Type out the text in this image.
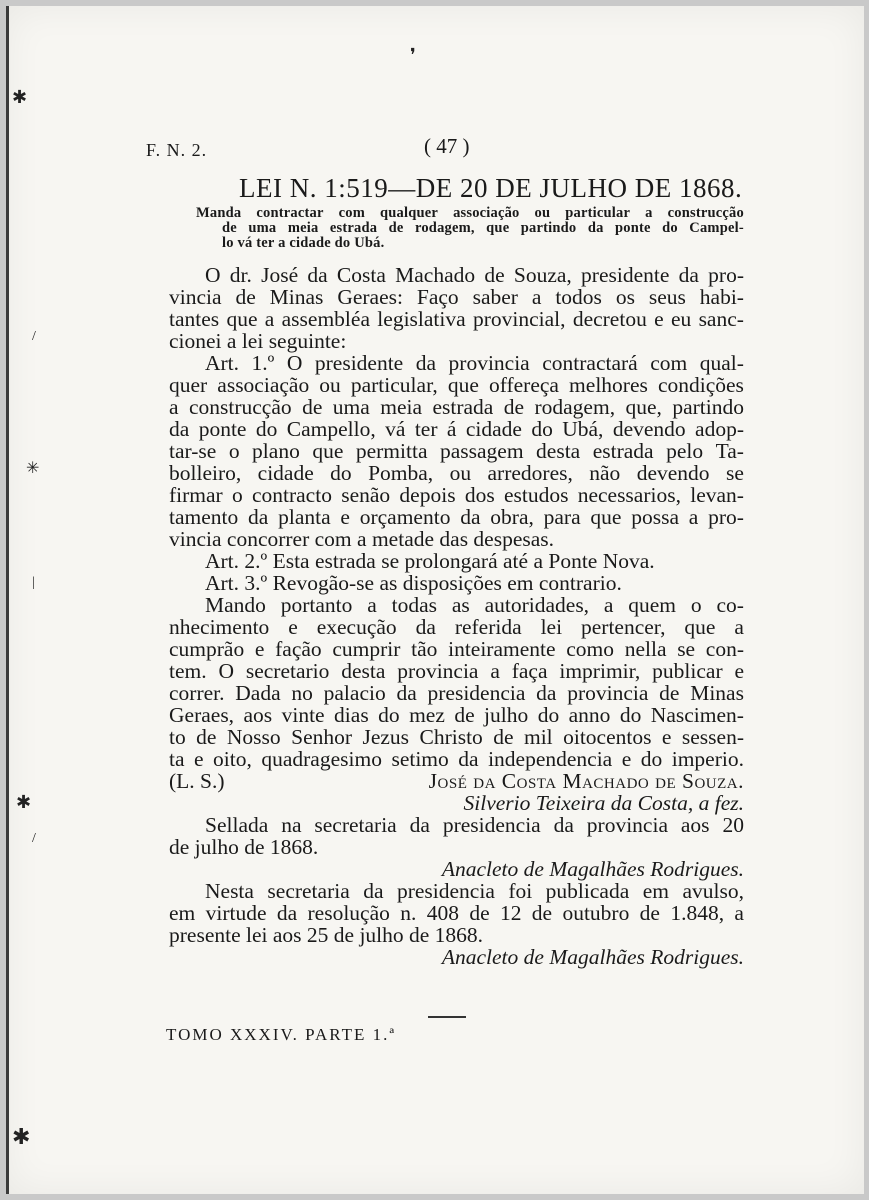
❜
✱
/
✳
|
✱
/
✱
F. N. 2.	( 47 )
LEI N. 1:519—DE 20 DE JULHO DE 1868.
Manda contractar com qualquer associação ou particular a construcção
de uma meia estrada de rodagem, que partindo da ponte do Campel-
lo vá ter a cidade do Ubá.
O dr. José da Costa Machado de Souza, presidente da pro-
vincia de Minas Geraes: Faço saber a todos os seus habi-
tantes que a assembléa legislativa provincial, decretou e eu sanc-
cionei a lei seguinte:
Art. 1.º O presidente da provincia contractará com qual-
quer associação ou particular, que offereça melhores condições
a construcção de uma meia estrada de rodagem, que, partindo
da ponte do Campello, vá ter á cidade do Ubá, devendo adop-
tar-se o plano que permitta passagem desta estrada pelo Ta-
bolleiro, cidade do Pomba, ou arredores, não devendo se
firmar o contracto senão depois dos estudos necessarios, levan-
tamento da planta e orçamento da obra, para que possa a pro-
vincia concorrer com a metade das despesas.
Art. 2.º Esta estrada se prolongará até a Ponte Nova.
Art. 3.º Revogão-se as disposições em contrario.
Mando portanto a todas as autoridades, a quem o co-
nhecimento e execução da referida lei pertencer, que a
cumprão e fação cumprir tão inteiramente como nella se con-
tem. O secretario desta provincia a faça imprimir, publicar e
correr. Dada no palacio da presidencia da provincia de Minas
Geraes, aos vinte dias do mez de julho do anno do Nascimen-
to de Nosso Senhor Jezus Christo de mil oitocentos e sessen-
ta e oito, quadragesimo setimo da independencia e do imperio.
(L. S.)	José da Costa Machado de Souza.
Silverio Teixeira da Costa, a fez.
Sellada na secretaria da presidencia da provincia aos 20
de julho de 1868.
Anacleto de Magalhães Rodrigues.
Nesta secretaria da presidencia foi publicada em avulso,
em virtude da resolução n. 408 de 12 de outubro de 1.848, a
presente lei aos 25 de julho de 1868.
Anacleto de Magalhães Rodrigues.
TOMO XXXIV. PARTE 1.ª
